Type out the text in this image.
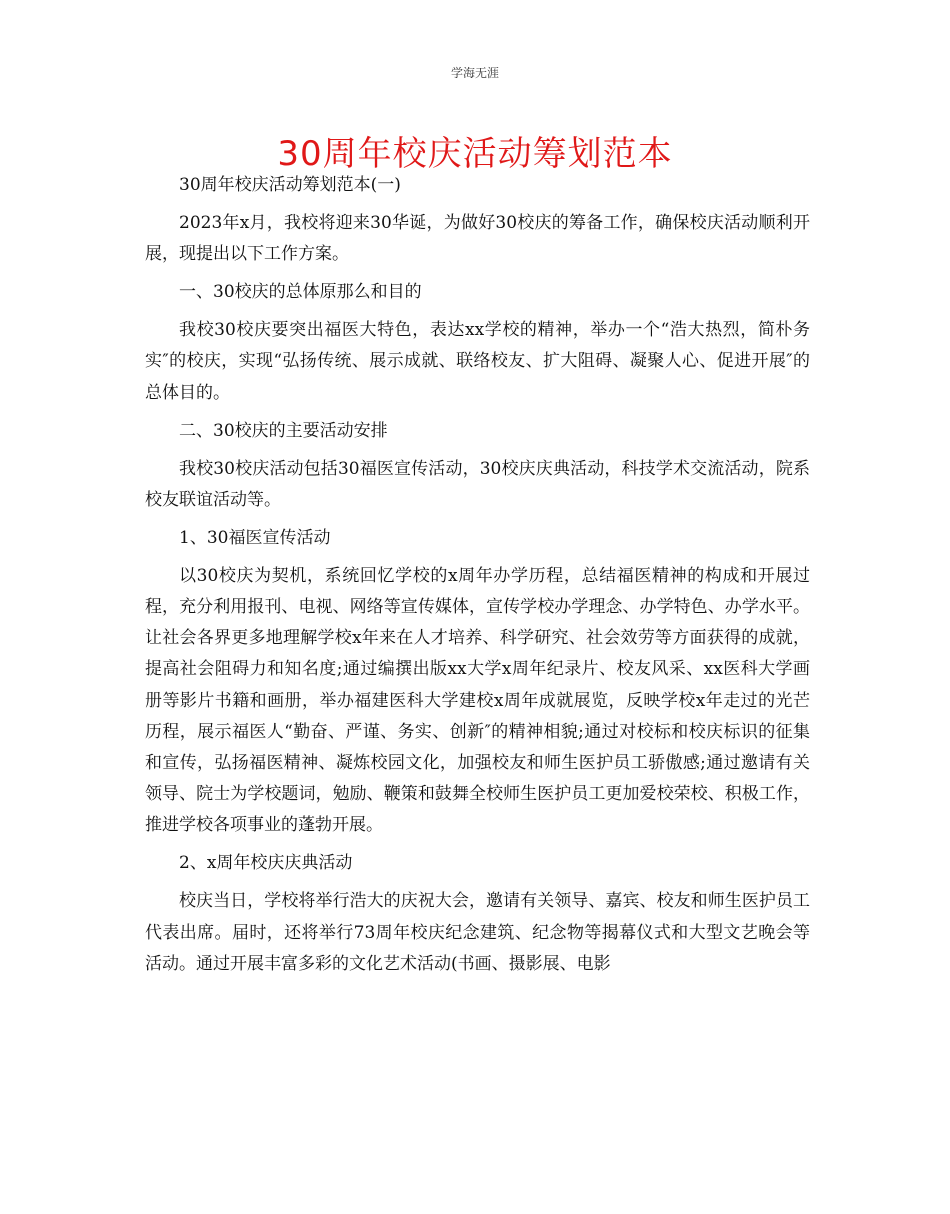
学海无涯
30周年校庆活动筹划范本

30周年校庆活动筹划范本(一)

2023年x月，我校将迎来30华诞，为做好30校庆的筹备工作，确保校庆活动顺利开展，现提出以下工作方案。

一、30校庆的总体原那么和目的

我校30校庆要突出福医大特色，表达xx学校的精神，举办一个“浩大热烈，简朴务实″的校庆，实现“弘扬传统、展示成就、联络校友、扩大阻碍、凝聚人心、促进开展″的总体目的。

二、30校庆的主要活动安排

我校30校庆活动包括30福医宣传活动，30校庆庆典活动，科技学术交流活动，院系校友联谊活动等。

1、30福医宣传活动

以30校庆为契机，系统回忆学校的x周年办学历程，总结福医精神的构成和开展过程，充分利用报刊、电视、网络等宣传媒体，宣传学校办学理念、办学特色、办学水平。让社会各界更多地理解学校x年来在人才培养、科学研究、社会效劳等方面获得的成就，提高社会阻碍力和知名度;通过编撰出版xx大学x周年纪录片、校友风采、xx医科大学画册等影片书籍和画册，举办福建医科大学建校x周年成就展览，反映学校x年走过的光芒历程，展示福医人“勤奋、严谨、务实、创新″的精神相貌;通过对校标和校庆标识的征集和宣传，弘扬福医精神、凝炼校园文化，加强校友和师生医护员工骄傲感;通过邀请有关领导、院士为学校题词，勉励、鞭策和鼓舞全校师生医护员工更加爱校荣校、积极工作，推进学校各项事业的蓬勃开展。

2、x周年校庆庆典活动

校庆当日，学校将举行浩大的庆祝大会，邀请有关领导、嘉宾、校友和师生医护员工代表出席。届时，还将举行73周年校庆纪念建筑、纪念物等揭幕仪式和大型文艺晚会等活动。通过开展丰富多彩的文化艺术活动(书画、摄影展、电影
